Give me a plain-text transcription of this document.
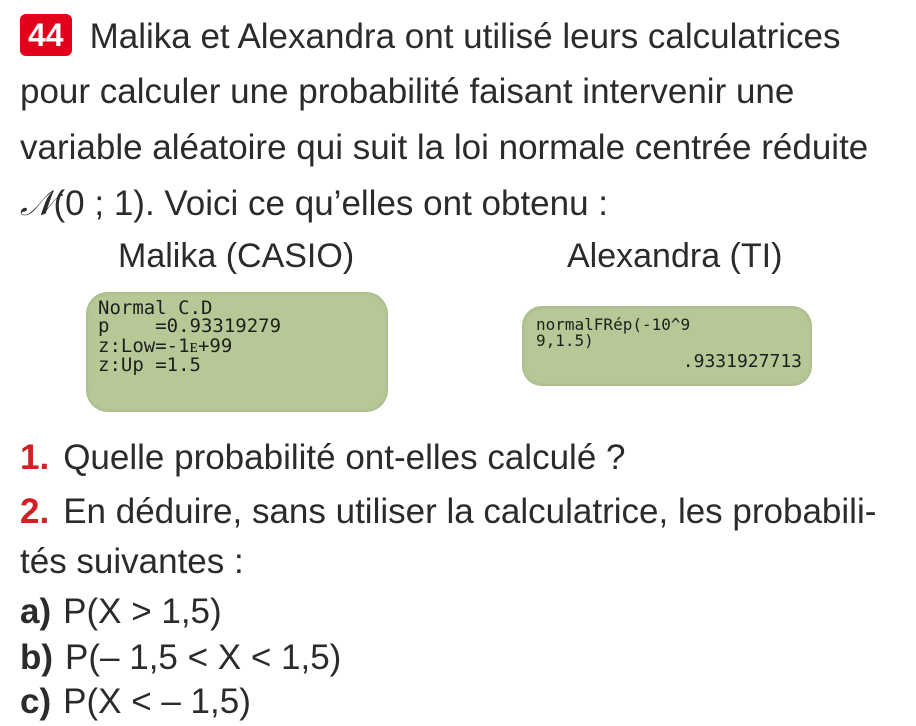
44 Malika et Alexandra ont utilisé leurs calculatrices
pour calculer une probabilité faisant intervenir une
variable aléatoire qui suit la loi normale centrée réduite
𝒩(0 ; 1). Voici ce qu’elles ont obtenu :
Malika (CASIO)	Alexandra (TI)
Normal C.D
p    =0.93319279
z:Low=-1ᴇ+99
z:Up =1.5
normalFRép(-10^9
9,1.5)
.9331927713
1. Quelle probabilité ont-elles calculé ?
2. En déduire, sans utiliser la calculatrice, les probabili-
tés suivantes :
a) P(X > 1,5)
b) P(– 1,5 < X < 1,5)
c) P(X < – 1,5)
